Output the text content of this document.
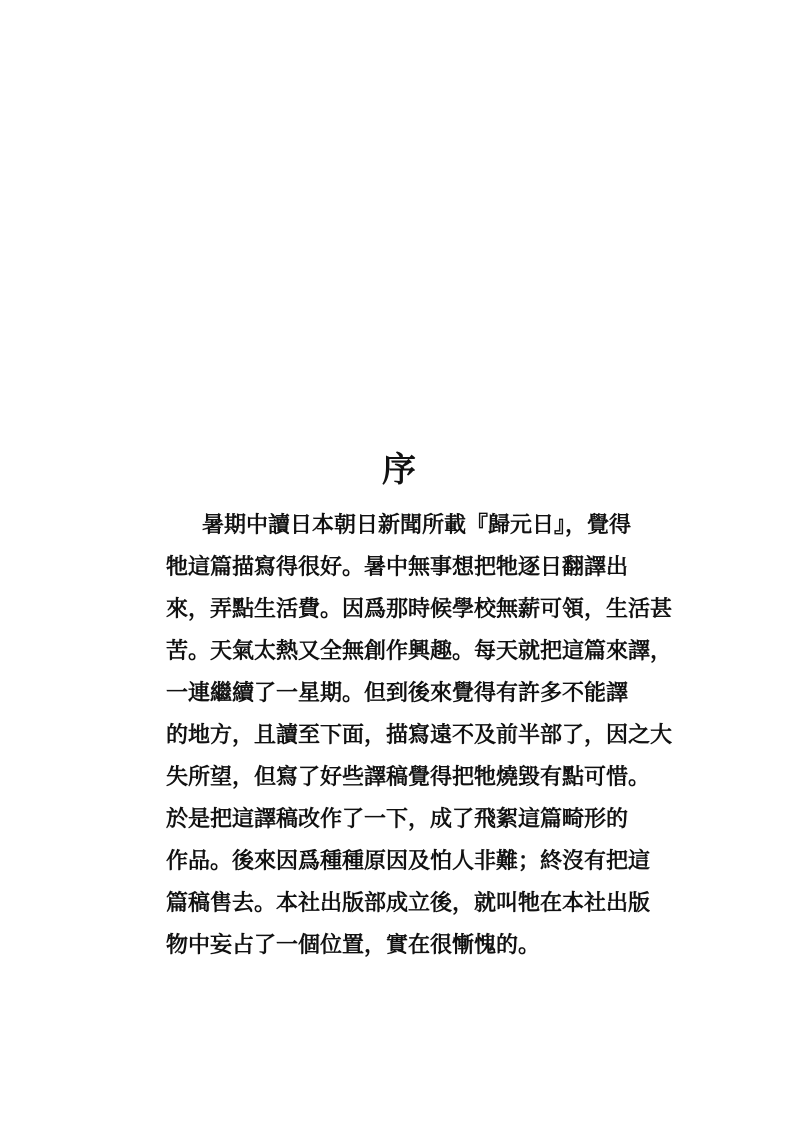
序
暑期中讀日本朝日新聞所載『歸元日』，覺得
牠這篇描寫得很好。暑中無事想把牠逐日翻譯出
來，弄點生活費。因爲那時候學校無薪可領，生活甚
苦。天氣太熱又全無創作興趣。每天就把這篇來譯，
一連繼續了一星期。但到後來覺得有許多不能譯
的地方，且讀至下面，描寫遠不及前半部了，因之大
失所望，但寫了好些譯稿覺得把牠燒毀有點可惜。
於是把這譯稿改作了一下，成了飛絮這篇畸形的
作品。後來因爲種種原因及怕人非難；終沒有把這
篇稿售去。本社出版部成立後，就叫牠在本社出版
物中妄占了一個位置，實在很慚愧的。
